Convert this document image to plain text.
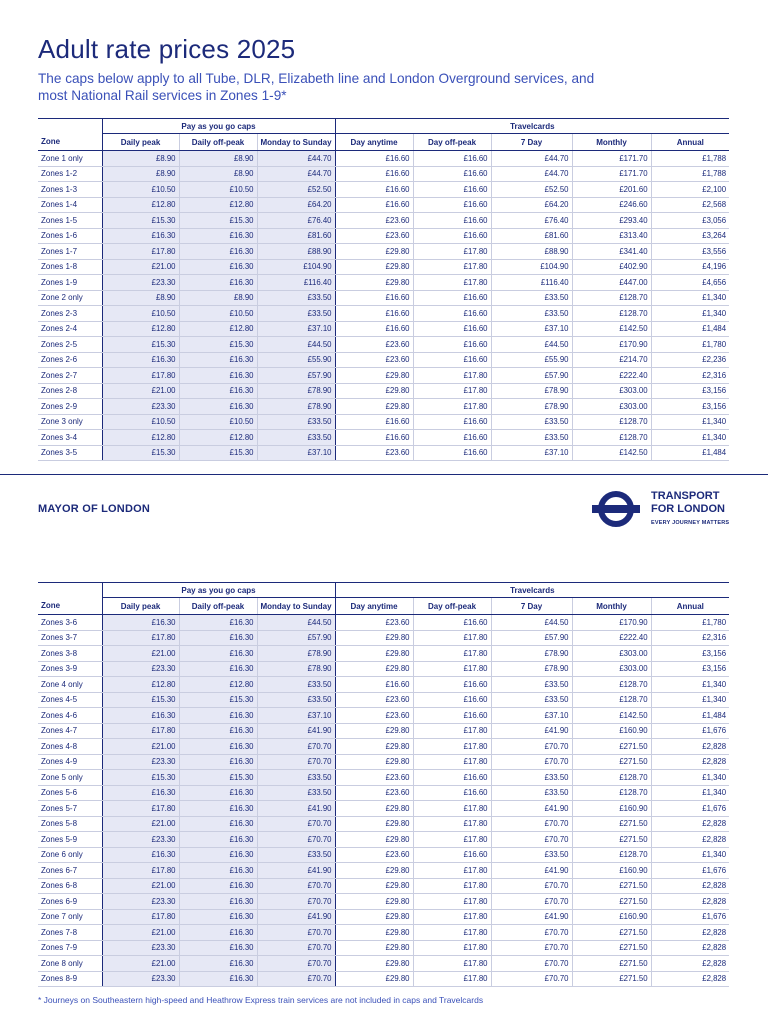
Adult rate prices 2025

The caps below apply to all Tube, DLR, Elizabeth line and London Overground services, and most National Rail services in Zones 1-9*

	Pay as you go caps			Travelcards				
Zone	Daily peak	Daily off-peak	Monday to Sunday	Day anytime	Day off-peak	7 Day	Monthly	Annual
Zone 1 only	£8.90	£8.90	£44.70	£16.60	£16.60	£44.70	£171.70	£1,788
Zones 1-2	£8.90	£8.90	£44.70	£16.60	£16.60	£44.70	£171.70	£1,788
Zones 1-3	£10.50	£10.50	£52.50	£16.60	£16.60	£52.50	£201.60	£2,100
Zones 1-4	£12.80	£12.80	£64.20	£16.60	£16.60	£64.20	£246.60	£2,568
Zones 1-5	£15.30	£15.30	£76.40	£23.60	£16.60	£76.40	£293.40	£3,056
Zones 1-6	£16.30	£16.30	£81.60	£23.60	£16.60	£81.60	£313.40	£3,264
Zones 1-7	£17.80	£16.30	£88.90	£29.80	£17.80	£88.90	£341.40	£3,556
Zones 1-8	£21.00	£16.30	£104.90	£29.80	£17.80	£104.90	£402.90	£4,196
Zones 1-9	£23.30	£16.30	£116.40	£29.80	£17.80	£116.40	£447.00	£4,656
Zone 2 only	£8.90	£8.90	£33.50	£16.60	£16.60	£33.50	£128.70	£1,340
Zones 2-3	£10.50	£10.50	£33.50	£16.60	£16.60	£33.50	£128.70	£1,340
Zones 2-4	£12.80	£12.80	£37.10	£16.60	£16.60	£37.10	£142.50	£1,484
Zones 2-5	£15.30	£15.30	£44.50	£23.60	£16.60	£44.50	£170.90	£1,780
Zones 2-6	£16.30	£16.30	£55.90	£23.60	£16.60	£55.90	£214.70	£2,236
Zones 2-7	£17.80	£16.30	£57.90	£29.80	£17.80	£57.90	£222.40	£2,316
Zones 2-8	£21.00	£16.30	£78.90	£29.80	£17.80	£78.90	£303.00	£3,156
Zones 2-9	£23.30	£16.30	£78.90	£29.80	£17.80	£78.90	£303.00	£3,156
Zone 3 only	£10.50	£10.50	£33.50	£16.60	£16.60	£33.50	£128.70	£1,340
Zones 3-4	£12.80	£12.80	£33.50	£16.60	£16.60	£33.50	£128.70	£1,340
Zones 3-5	£15.30	£15.30	£37.10	£23.60	£16.60	£37.10	£142.50	£1,484
MAYOR OF LONDON
TRANSPORT
FOR LONDON
EVERY JOURNEY MATTERS
	Pay as you go caps			Travelcards				
Zone	Daily peak	Daily off-peak	Monday to Sunday	Day anytime	Day off-peak	7 Day	Monthly	Annual
Zones 3-6	£16.30	£16.30	£44.50	£23.60	£16.60	£44.50	£170.90	£1,780
Zones 3-7	£17.80	£16.30	£57.90	£29.80	£17.80	£57.90	£222.40	£2,316
Zones 3-8	£21.00	£16.30	£78.90	£29.80	£17.80	£78.90	£303.00	£3,156
Zones 3-9	£23.30	£16.30	£78.90	£29.80	£17.80	£78.90	£303.00	£3,156
Zone 4 only	£12.80	£12.80	£33.50	£16.60	£16.60	£33.50	£128.70	£1,340
Zones 4-5	£15.30	£15.30	£33.50	£23.60	£16.60	£33.50	£128.70	£1,340
Zones 4-6	£16.30	£16.30	£37.10	£23.60	£16.60	£37.10	£142.50	£1,484
Zones 4-7	£17.80	£16.30	£41.90	£29.80	£17.80	£41.90	£160.90	£1,676
Zones 4-8	£21.00	£16.30	£70.70	£29.80	£17.80	£70.70	£271.50	£2,828
Zones 4-9	£23.30	£16.30	£70.70	£29.80	£17.80	£70.70	£271.50	£2,828
Zone 5 only	£15.30	£15.30	£33.50	£23.60	£16.60	£33.50	£128.70	£1,340
Zones 5-6	£16.30	£16.30	£33.50	£23.60	£16.60	£33.50	£128.70	£1,340
Zones 5-7	£17.80	£16.30	£41.90	£29.80	£17.80	£41.90	£160.90	£1,676
Zones 5-8	£21.00	£16.30	£70.70	£29.80	£17.80	£70.70	£271.50	£2,828
Zones 5-9	£23.30	£16.30	£70.70	£29.80	£17.80	£70.70	£271.50	£2,828
Zone 6 only	£16.30	£16.30	£33.50	£23.60	£16.60	£33.50	£128.70	£1,340
Zones 6-7	£17.80	£16.30	£41.90	£29.80	£17.80	£41.90	£160.90	£1,676
Zones 6-8	£21.00	£16.30	£70.70	£29.80	£17.80	£70.70	£271.50	£2,828
Zones 6-9	£23.30	£16.30	£70.70	£29.80	£17.80	£70.70	£271.50	£2,828
Zone 7 only	£17.80	£16.30	£41.90	£29.80	£17.80	£41.90	£160.90	£1,676
Zones 7-8	£21.00	£16.30	£70.70	£29.80	£17.80	£70.70	£271.50	£2,828
Zones 7-9	£23.30	£16.30	£70.70	£29.80	£17.80	£70.70	£271.50	£2,828
Zone 8 only	£21.00	£16.30	£70.70	£29.80	£17.80	£70.70	£271.50	£2,828
Zones 8-9	£23.30	£16.30	£70.70	£29.80	£17.80	£70.70	£271.50	£2,828
* Journeys on Southeastern high-speed and Heathrow Express train services are not included in caps and Travelcards
